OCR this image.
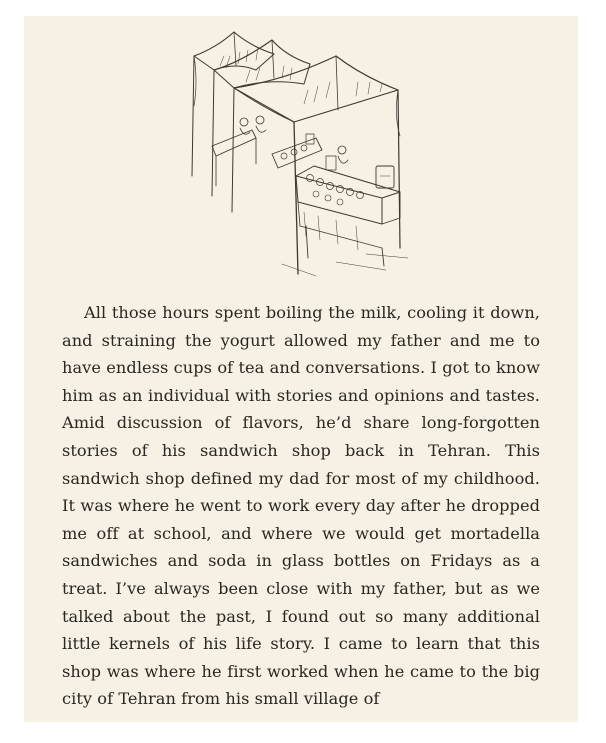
All those hours spent boiling the milk, cooling it down, and straining the yogurt allowed my father and me to have endless cups of tea and conversations. I got to know him as an individual with stories and opinions and tastes. Amid discussion of flavors, he’d share long-forgotten stories of his sandwich shop back in Tehran. This sandwich shop defined my dad for most of my childhood. It was where he went to work every day after he dropped me off at school, and where we would get mortadella sandwiches and soda in glass bottles on Fridays as a treat. I’ve always been close with my father, but as we talked about the past, I found out so many additional little kernels of his life story. I came to learn that this shop was where he first worked when he came to the big city of Tehran from his small village of
